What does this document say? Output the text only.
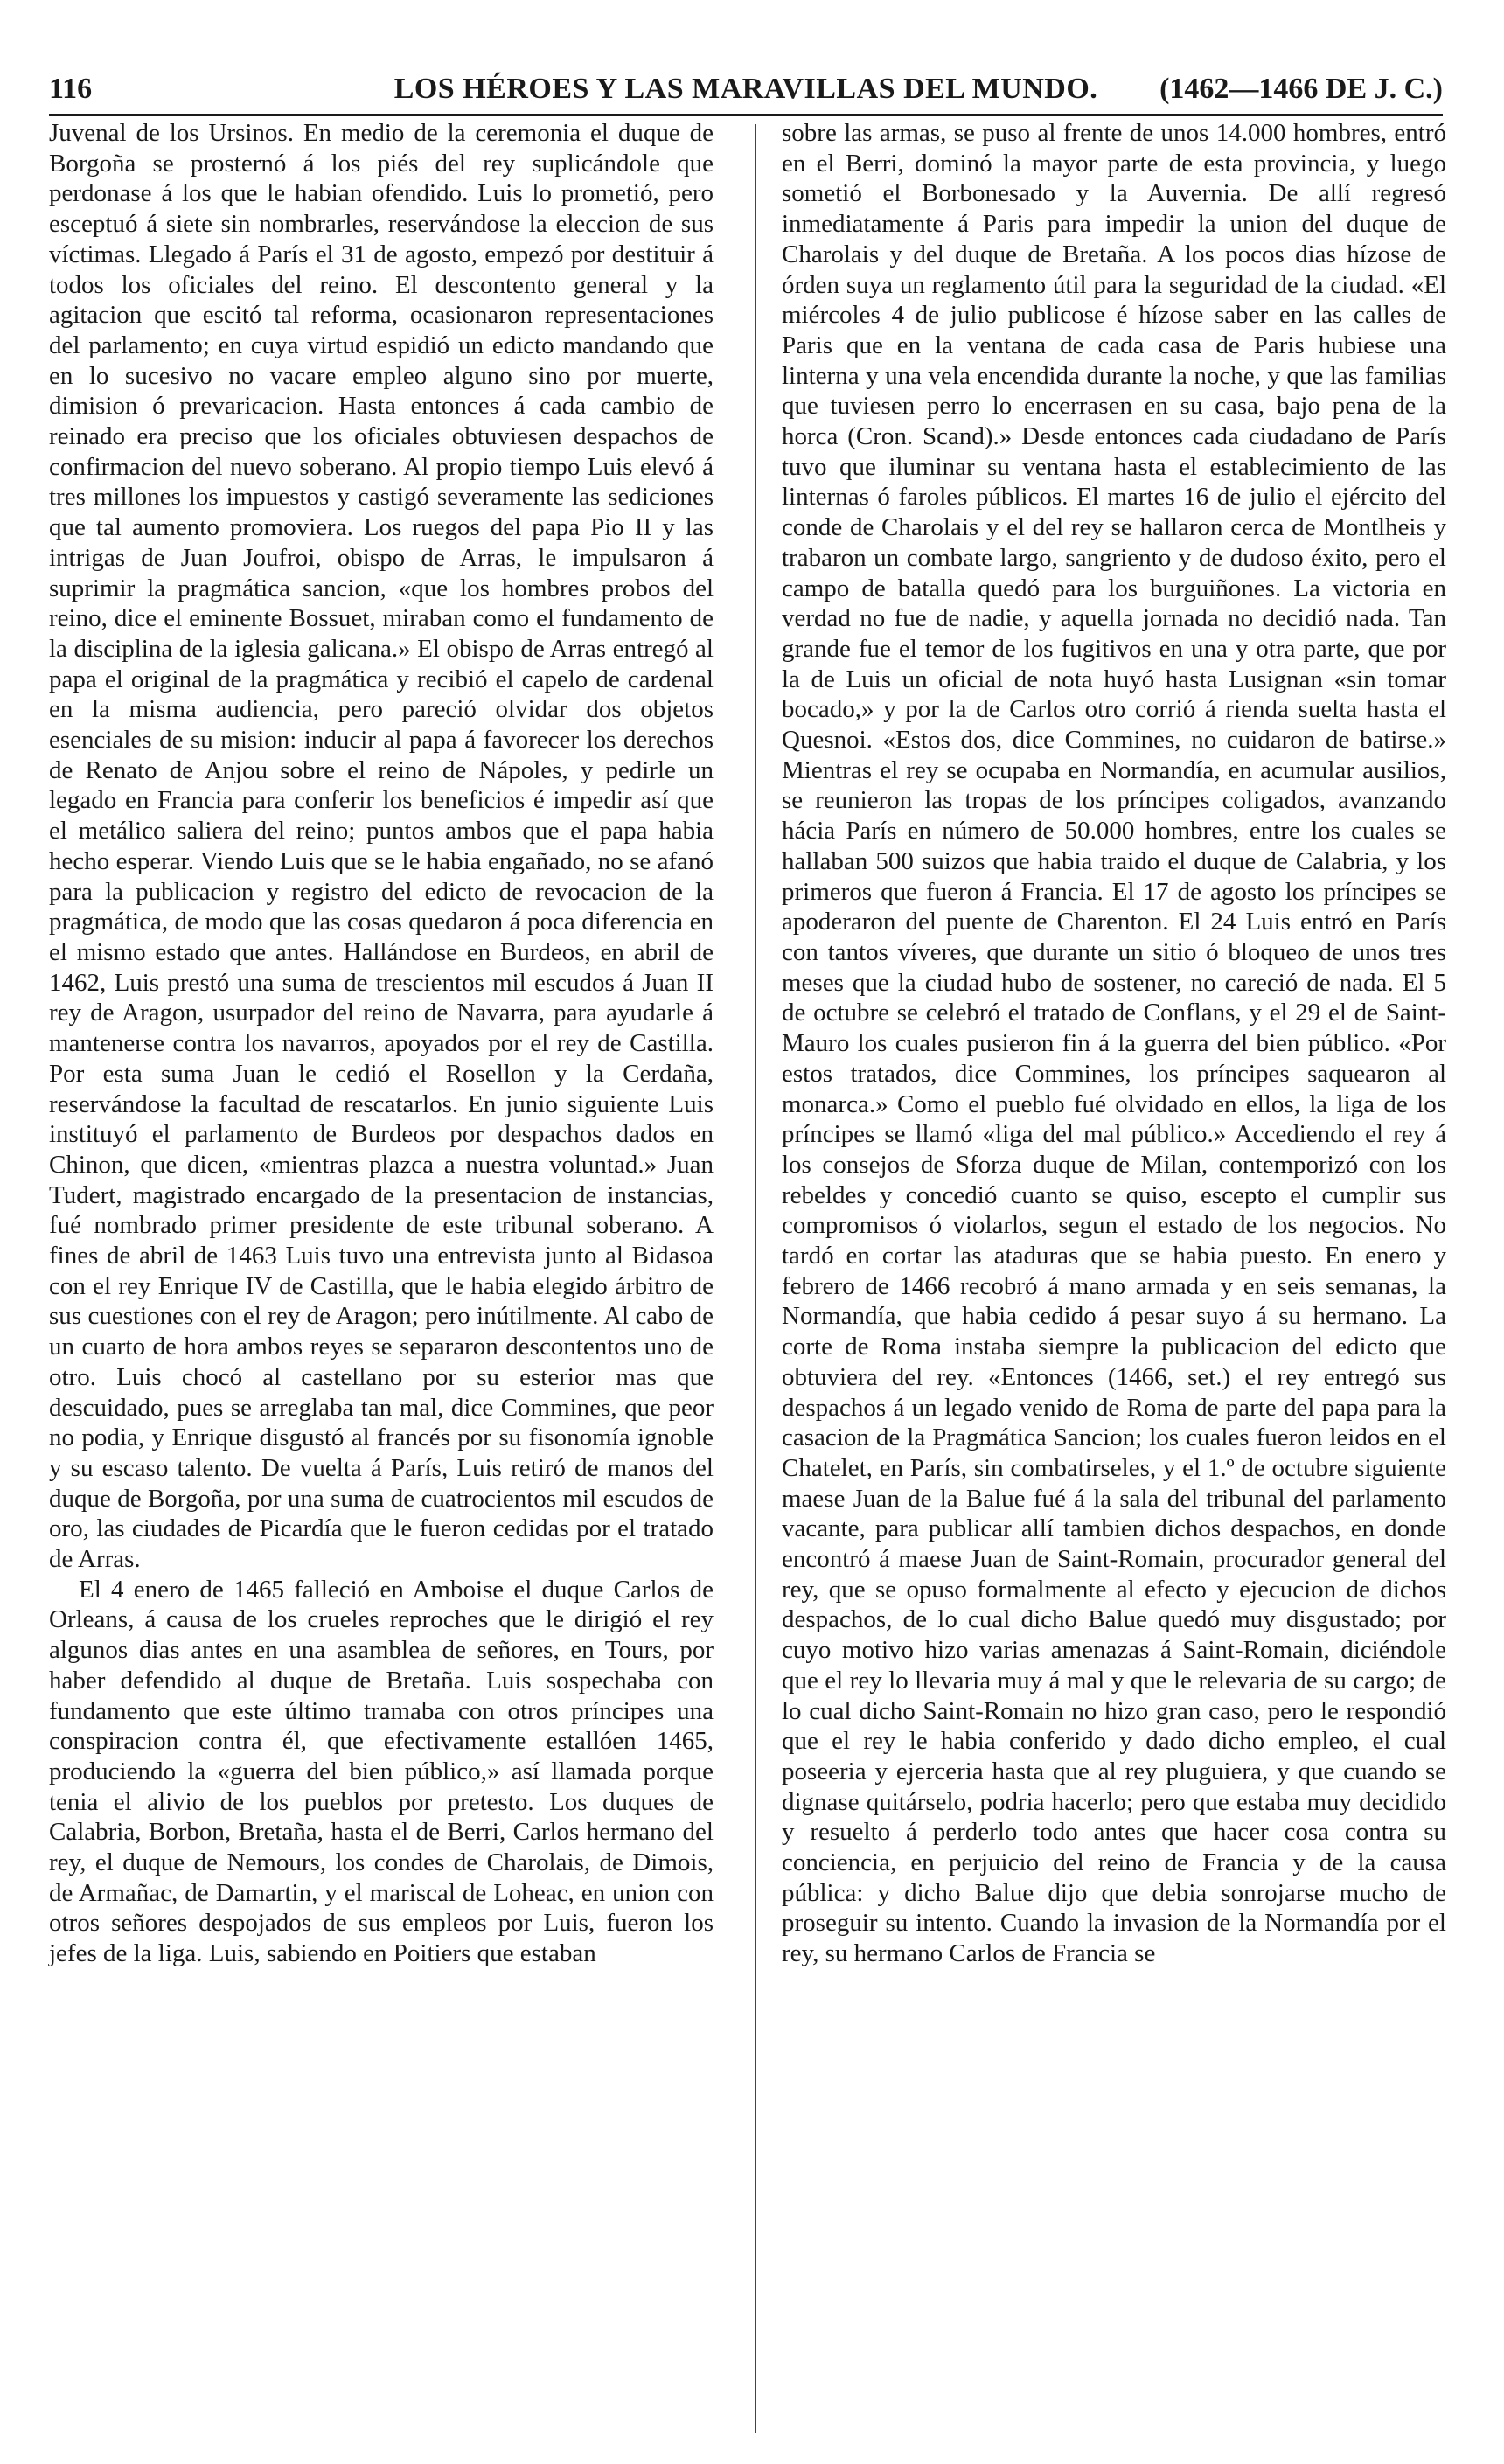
116	LOS HÉROES Y LAS MARAVILLAS DEL MUNDO.	(1462—1466 DE J. C.)

Juvenal de los Ursinos. En medio de la ceremonia el duque de Borgoña se prosternó á los piés del rey suplicándole que perdonase á los que le habian ofendido. Luis lo prometió, pero esceptuó á siete sin nombrarles, reservándose la eleccion de sus víctimas. Llegado á París el 31 de agosto, empezó por destituir á todos los oficiales del reino. El descontento general y la agitacion que escitó tal reforma, ocasionaron representaciones del parlamento; en cuya virtud espidió un edicto mandando que en lo sucesivo no vacare empleo alguno sino por muerte, dimision ó prevaricacion. Hasta entonces á cada cambio de reinado era preciso que los oficiales obtuviesen despachos de confirmacion del nuevo soberano. Al propio tiempo Luis elevó á tres millones los impuestos y castigó severamente las sediciones que tal aumento promoviera. Los ruegos del papa Pio II y las intrigas de Juan Joufroi, obispo de Arras, le impulsaron á suprimir la pragmática sancion, «que los hombres probos del reino, dice el eminente Bossuet, miraban como el fundamento de la disciplina de la iglesia galicana.» El obispo de Arras entregó al papa el original de la pragmática y recibió el capelo de cardenal en la misma audiencia, pero pareció olvidar dos objetos esenciales de su mision: inducir al papa á favorecer los derechos de Renato de Anjou sobre el reino de Nápoles, y pedirle un legado en Francia para conferir los beneficios é impedir así que el metálico saliera del reino; puntos ambos que el papa habia hecho esperar. Viendo Luis que se le habia engañado, no se afanó para la publicacion y registro del edicto de revocacion de la pragmática, de modo que las cosas quedaron á poca diferencia en el mismo estado que antes. Hallándose en Burdeos, en abril de 1462, Luis prestó una suma de trescientos mil escudos á Juan II rey de Aragon, usurpador del reino de Navarra, para ayudarle á mantenerse contra los navarros, apoyados por el rey de Castilla. Por esta suma Juan le cedió el Rosellon y la Cerdaña, reservándose la facultad de rescatarlos. En junio siguiente Luis instituyó el parlamento de Burdeos por despachos dados en Chinon, que dicen, «mientras plazca a nuestra voluntad.» Juan Tudert, magistrado encargado de la presentacion de instancias, fué nombrado primer presidente de este tribunal soberano. A fines de abril de 1463 Luis tuvo una entrevista junto al Bidasoa con el rey Enrique IV de Castilla, que le habia elegido árbitro de sus cuestiones con el rey de Aragon; pero inútilmente. Al cabo de un cuarto de hora ambos reyes se separaron descontentos uno de otro. Luis chocó al castellano por su esterior mas que descuidado, pues se arreglaba tan mal, dice Commines, que peor no podia, y Enrique disgustó al francés por su fisonomía ignoble y su escaso talento. De vuelta á París, Luis retiró de manos del duque de Borgoña, por una suma de cuatrocientos mil escudos de oro, las ciudades de Picardía que le fueron cedidas por el tratado de Arras.

El 4 enero de 1465 falleció en Amboise el duque Carlos de Orleans, á causa de los crueles reproches que le dirigió el rey algunos dias antes en una asamblea de señores, en Tours, por haber defendido al duque de Bretaña. Luis sospechaba con fundamento que este último tramaba con otros príncipes una conspiracion contra él, que efectivamente estallóen 1465, produciendo la «guerra del bien público,» así llamada porque tenia el alivio de los pueblos por pretesto. Los duques de Calabria, Borbon, Bretaña, hasta el de Berri, Carlos hermano del rey, el duque de Nemours, los condes de Charolais, de Dimois, de Armañac, de Damartin, y el mariscal de Loheac, en union con otros señores despojados de sus empleos por Luis, fueron los jefes de la liga. Luis, sabiendo en Poitiers que estaban

sobre las armas, se puso al frente de unos 14.000 hombres, entró en el Berri, dominó la mayor parte de esta provincia, y luego sometió el Borbonesado y la Auvernia. De allí regresó inmediatamente á Paris para impedir la union del duque de Charolais y del duque de Bretaña. A los pocos dias hízose de órden suya un reglamento útil para la seguridad de la ciudad. «El miércoles 4 de julio publicose é hízose saber en las calles de Paris que en la ventana de cada casa de Paris hubiese una linterna y una vela encendida durante la noche, y que las familias que tuviesen perro lo encerrasen en su casa, bajo pena de la horca (Cron. Scand).» Desde entonces cada ciudadano de París tuvo que iluminar su ventana hasta el establecimiento de las linternas ó faroles públicos. El martes 16 de julio el ejército del conde de Charolais y el del rey se hallaron cerca de Montlheis y trabaron un combate largo, sangriento y de dudoso éxito, pero el campo de batalla quedó para los burguiñones. La victoria en verdad no fue de nadie, y aquella jornada no decidió nada. Tan grande fue el temor de los fugitivos en una y otra parte, que por la de Luis un oficial de nota huyó hasta Lusignan «sin tomar bocado,» y por la de Carlos otro corrió á rienda suelta hasta el Quesnoi. «Estos dos, dice Commines, no cuidaron de batirse.» Mientras el rey se ocupaba en Normandía, en acumular ausilios, se reunieron las tropas de los príncipes coligados, avanzando hácia París en número de 50.000 hombres, entre los cuales se hallaban 500 suizos que habia traido el duque de Calabria, y los primeros que fueron á Francia. El 17 de agosto los príncipes se apoderaron del puente de Charenton. El 24 Luis entró en París con tantos víveres, que durante un sitio ó bloqueo de unos tres meses que la ciudad hubo de sostener, no careció de nada. El 5 de octubre se celebró el tratado de Conflans, y el 29 el de Saint-Mauro los cuales pusieron fin á la guerra del bien público. «Por estos tratados, dice Commines, los príncipes saquearon al monarca.» Como el pueblo fué olvidado en ellos, la liga de los príncipes se llamó «liga del mal público.» Accediendo el rey á los consejos de Sforza duque de Milan, contemporizó con los rebeldes y concedió cuanto se quiso, escepto el cumplir sus compromisos ó violarlos, segun el estado de los negocios. No tardó en cortar las ataduras que se habia puesto. En enero y febrero de 1466 recobró á mano armada y en seis semanas, la Normandía, que habia cedido á pesar suyo á su hermano. La corte de Roma instaba siempre la publicacion del edicto que obtuviera del rey. «Entonces (1466, set.) el rey entregó sus despachos á un legado venido de Roma de parte del papa para la casacion de la Pragmática Sancion; los cuales fueron leidos en el Chatelet, en París, sin combatirseles, y el 1.º de octubre siguiente maese Juan de la Balue fué á la sala del tribunal del parlamento vacante, para publicar allí tambien dichos despachos, en donde encontró á maese Juan de Saint-Romain, procurador general del rey, que se opuso formalmente al efecto y ejecucion de dichos despachos, de lo cual dicho Balue quedó muy disgustado; por cuyo motivo hizo varias amenazas á Saint-Romain, diciéndole que el rey lo llevaria muy á mal y que le relevaria de su cargo; de lo cual dicho Saint-Romain no hizo gran caso, pero le respondió que el rey le habia conferido y dado dicho empleo, el cual poseeria y ejerceria hasta que al rey pluguiera, y que cuando se dignase quitárselo, podria hacerlo; pero que estaba muy decidido y resuelto á perderlo todo antes que hacer cosa contra su conciencia, en perjuicio del reino de Francia y de la causa pública: y dicho Balue dijo que debia sonrojarse mucho de proseguir su intento. Cuando la invasion de la Normandía por el rey, su hermano Carlos de Francia se
